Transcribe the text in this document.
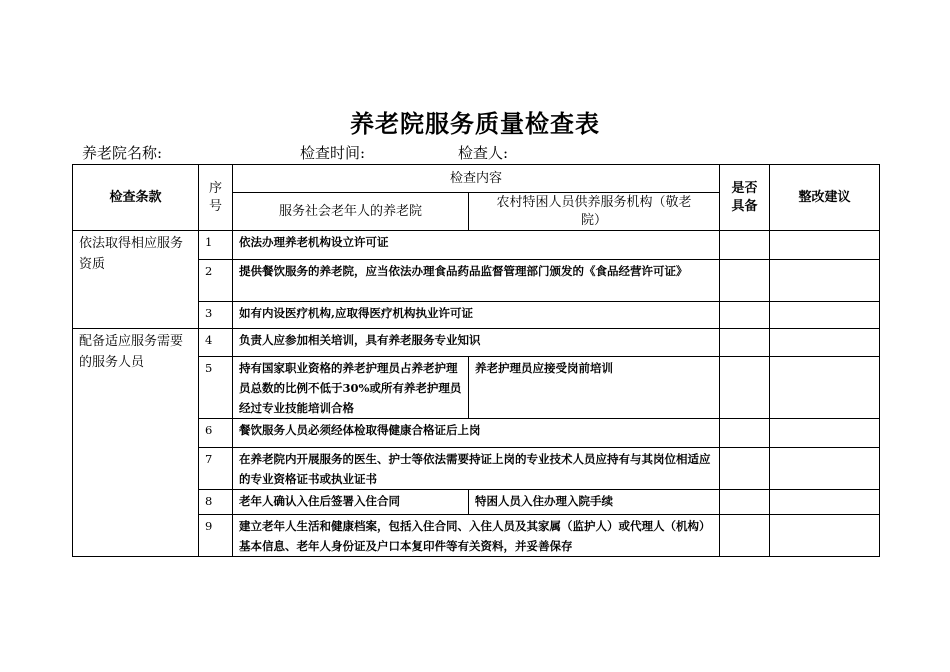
养老院服务质量检查表
养老院名称:	检查时间:	检查人:
检查条款	序号	检查内容		是否具备	整改建议
		服务社会老年人的养老院	农村特困人员供养服务机构（敬老院）		
依法取得相应服务资质	1	依法办理养老机构设立许可证			
	2	提供餐饮服务的养老院，应当依法办理食品药品监督管理部门颁发的《食品经营许可证》			
	3	如有内设医疗机构,应取得医疗机构执业许可证			
配备适应服务需要的服务人员	4	负责人应参加相关培训，具有养老服务专业知识			
	5	持有国家职业资格的养老护理员占养老护理员总数的比例不低于30%或所有养老护理员经过专业技能培训合格	养老护理员应接受岗前培训		
	6	餐饮服务人员必须经体检取得健康合格证后上岗			
	7	在养老院内开展服务的医生、护士等依法需要持证上岗的专业技术人员应持有与其岗位相适应的专业资格证书或执业证书			
	8	老年人确认入住后签署入住合同	特困人员入住办理入院手续		
	9	建立老年人生活和健康档案，包括入住合同、入住人员及其家属（监护人）或代理人（机构）基本信息、老年人身份证及户口本复印件等有关资料，并妥善保存			
